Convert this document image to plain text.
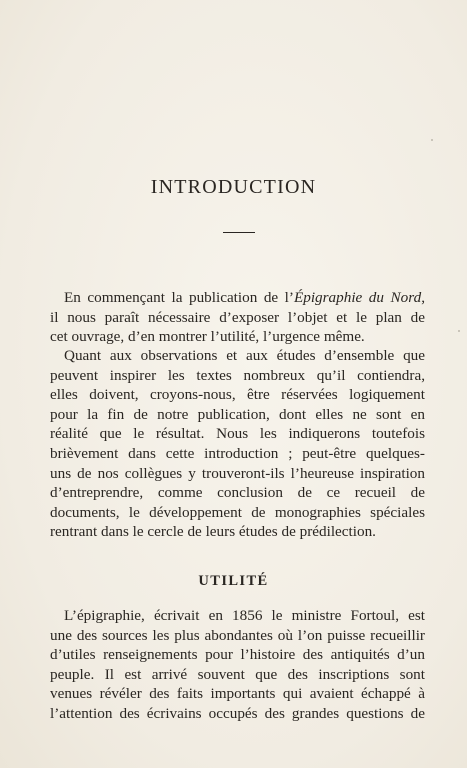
INTRODUCTION
En commençant la publication de l’Épigraphie du Nord,
il nous paraît nécessaire d’exposer l’objet et le plan de
cet ouvrage, d’en montrer l’utilité, l’urgence même.
Quant aux observations et aux études d’ensemble que
peuvent inspirer les textes nombreux qu’il contiendra,
elles doivent, croyons-nous, être réservées logiquement
pour la fin de notre publication, dont elles ne sont en
réalité que le résultat. Nous les indiquerons toutefois
brièvement dans cette introduction ; peut-être quelques-
uns de nos collègues y trouveront-ils l’heureuse inspiration
d’entreprendre, comme conclusion de ce recueil de
documents, le développement de monographies spéciales
rentrant dans le cercle de leurs études de prédilection.
UTILITÉ
L’épigraphie, écrivait en 1856 le ministre Fortoul, est
une des sources les plus abondantes où l’on puisse recueillir
d’utiles renseignements pour l’histoire des antiquités d’un
peuple. Il est arrivé souvent que des inscriptions sont
venues révéler des faits importants qui avaient échappé à
l’attention des écrivains occupés des grandes questions de
